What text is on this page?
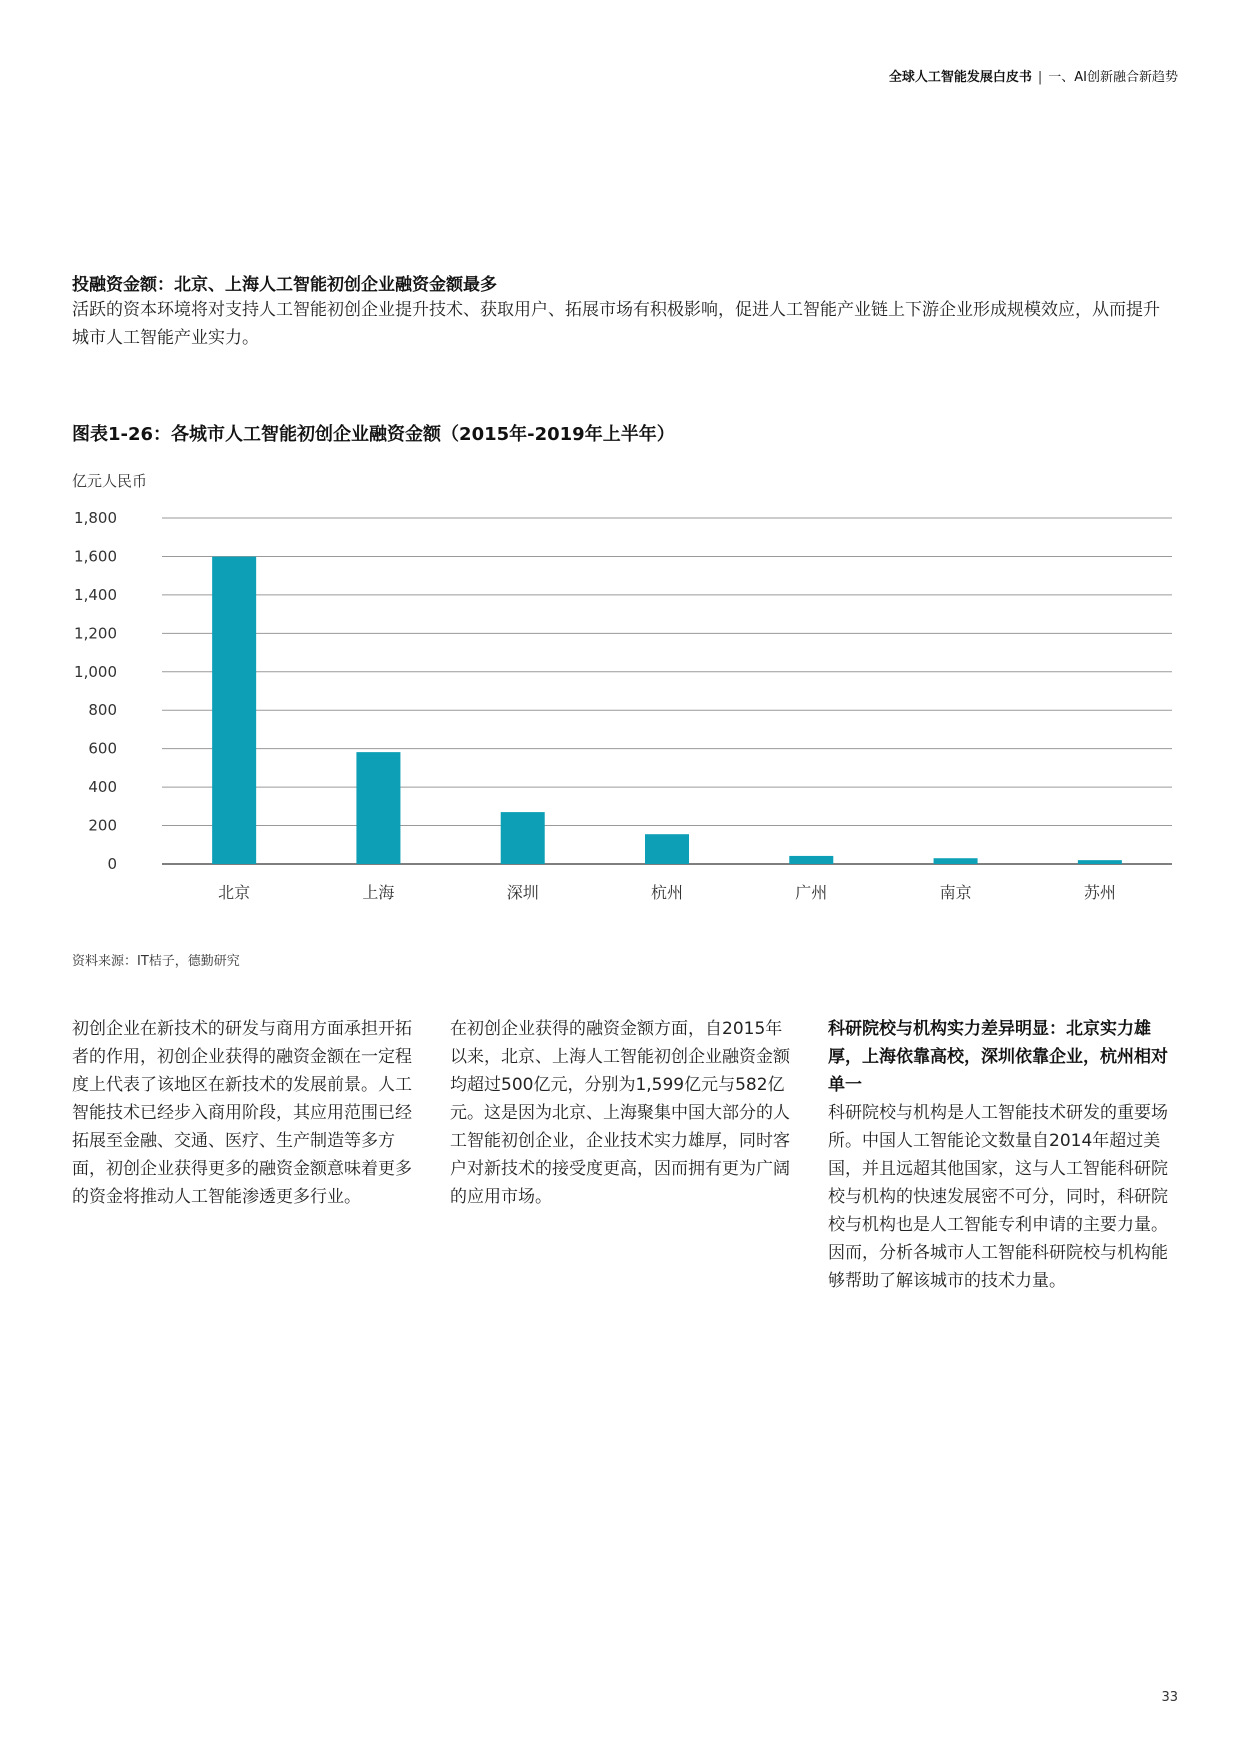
全球人工智能发展白皮书 | 一、AI创新融合新趋势
投融资金额：北京、上海人工智能初创企业融资金额最多
活跃的资本环境将对支持人工智能初创企业提升技术、获取用户、拓展市场有积极影响，促进人工智能产业链上下游企业形成规模效应，从而提升城市人工智能产业实力。
图表1-26：各城市人工智能初创企业融资金额（2015年-2019年上半年）
亿元人民币
0
200
400
600
800
1,000
1,200
1,400
1,600
1,800
北京	上海	深圳	杭州	广州	南京	苏州
资料来源：IT桔子，德勤研究

初创企业在新技术的研发与商用方面承担开拓者的作用，初创企业获得的融资金额在一定程度上代表了该地区在新技术的发展前景。人工智能技术已经步入商用阶段，其应用范围已经拓展至金融、交通、医疗、生产制造等多方面，初创企业获得更多的融资金额意味着更多的资金将推动人工智能渗透更多行业。

在初创企业获得的融资金额方面，自2015年以来，北京、上海人工智能初创企业融资金额均超过500亿元，分别为1,599亿元与582亿元。这是因为北京、上海聚集中国大部分的人工智能初创企业，企业技术实力雄厚，同时客户对新技术的接受度更高，因而拥有更为广阔的应用市场。

科研院校与机构实力差异明显：北京实力雄厚，上海依靠高校，深圳依靠企业，杭州相对单一

科研院校与机构是人工智能技术研发的重要场所。中国人工智能论文数量自2014年超过美国，并且远超其他国家，这与人工智能科研院校与机构的快速发展密不可分，同时，科研院校与机构也是人工智能专利申请的主要力量。因而，分析各城市人工智能科研院校与机构能够帮助了解该城市的技术力量。

33
